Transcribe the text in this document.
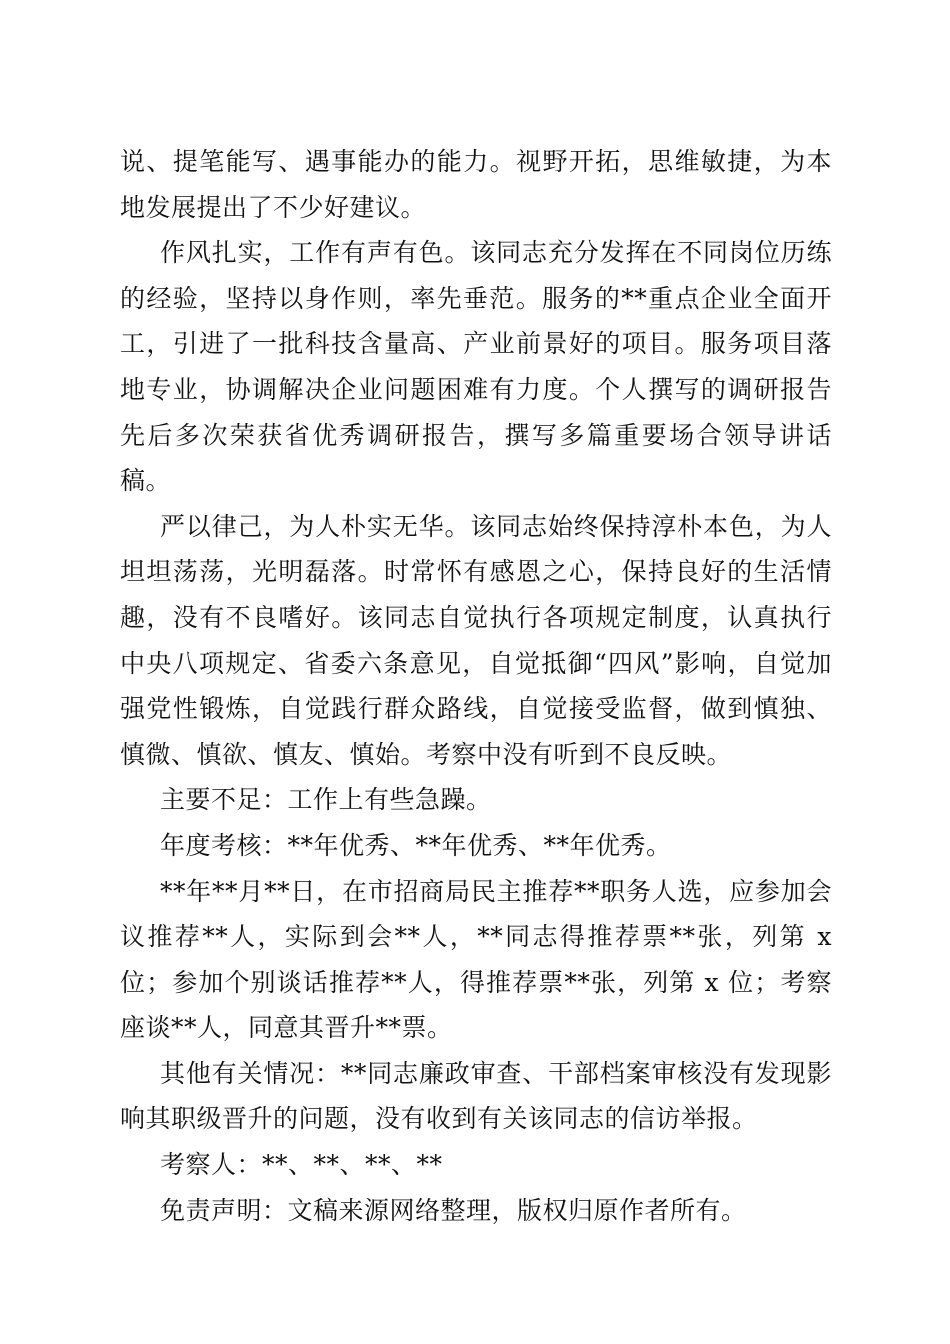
说、提笔能写、遇事能办的能力。视野开拓，思维敏捷，为本地发展提出了不少好建议。

作风扎实，工作有声有色。该同志充分发挥在不同岗位历练的经验，坚持以身作则，率先垂范。服务的**重点企业全面开工，引进了一批科技含量高、产业前景好的项目。服务项目落地专业，协调解决企业问题困难有力度。个人撰写的调研报告先后多次荣获省优秀调研报告，撰写多篇重要场合领导讲话稿。

严以律己，为人朴实无华。该同志始终保持淳朴本色，为人坦坦荡荡，光明磊落。时常怀有感恩之心，保持良好的生活情趣，没有不良嗜好。该同志自觉执行各项规定制度，认真执行中央八项规定、省委六条意见，自觉抵御“四风”影响，自觉加强党性锻炼，自觉践行群众路线，自觉接受监督，做到慎独、慎微、慎欲、慎友、慎始。考察中没有听到不良反映。

主要不足：工作上有些急躁。

年度考核：**年优秀、**年优秀、**年优秀。

**年**月**日，在市招商局民主推荐**职务人选，应参加会议推荐**人，实际到会**人，**同志得推荐票**张，列第 x 位；参加个别谈话推荐**人，得推荐票**张，列第 x 位；考察座谈**人，同意其晋升**票。

其他有关情况：**同志廉政审查、干部档案审核没有发现影响其职级晋升的问题，没有收到有关该同志的信访举报。

考察人：**、**、**、**

免责声明：文稿来源网络整理，版权归原作者所有。
